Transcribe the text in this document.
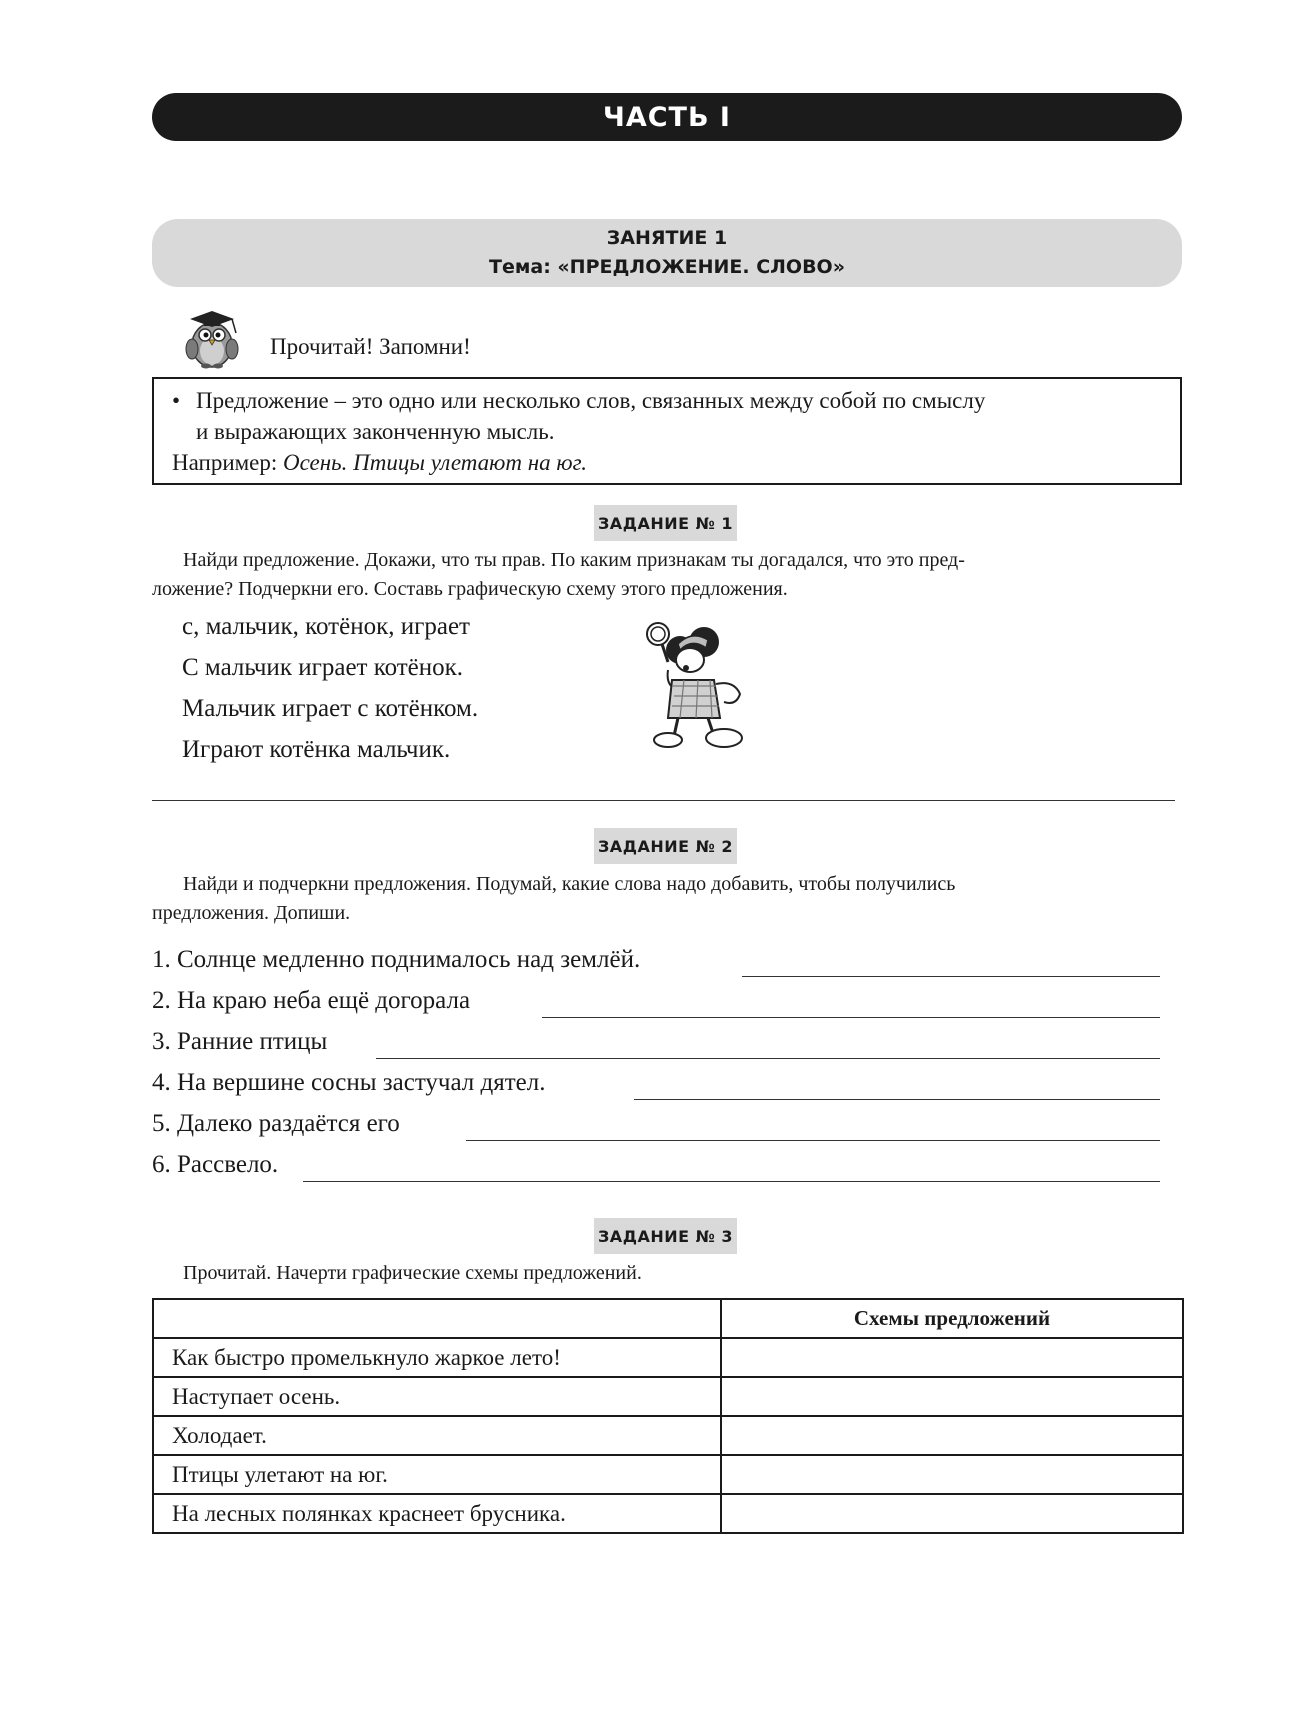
ЧАСТЬ I
ЗАНЯТИЕ 1
Тема: «ПРЕДЛОЖЕНИЕ. СЛОВО»
Прочитай! Запомни!
• Предложение – это одно или несколько слов, связанных между собой по смыслу
и выражающих законченную мысль.
Например: Осень. Птицы улетают на юг.
ЗАДАНИЕ № 1
Найди предложение. Докажи, что ты прав. По каким признакам ты догадался, что это пред-
ложение? Подчеркни его. Составь графическую схему этого предложения.
с, мальчик, котёнок, играет
С мальчик играет котёнок.
Мальчик играет с котёнком.
Играют котёнка мальчик.
ЗАДАНИЕ № 2
Найди и подчеркни предложения. Подумай, какие слова надо добавить, чтобы получились
предложения. Допиши.
1. Солнце медленно поднималось над землёй.
2. На краю неба ещё догорала
3. Ранние птицы
4. На вершине сосны застучал дятел.
5. Далеко раздаётся его
6. Рассвело.
ЗАДАНИЕ № 3
Прочитай. Начерти графические схемы предложений.
	Схемы предложений
Как быстро промелькнуло жаркое лето!	
Наступает осень.	
Холодает.	
Птицы улетают на юг.	
На лесных полянках краснеет брусника.	
